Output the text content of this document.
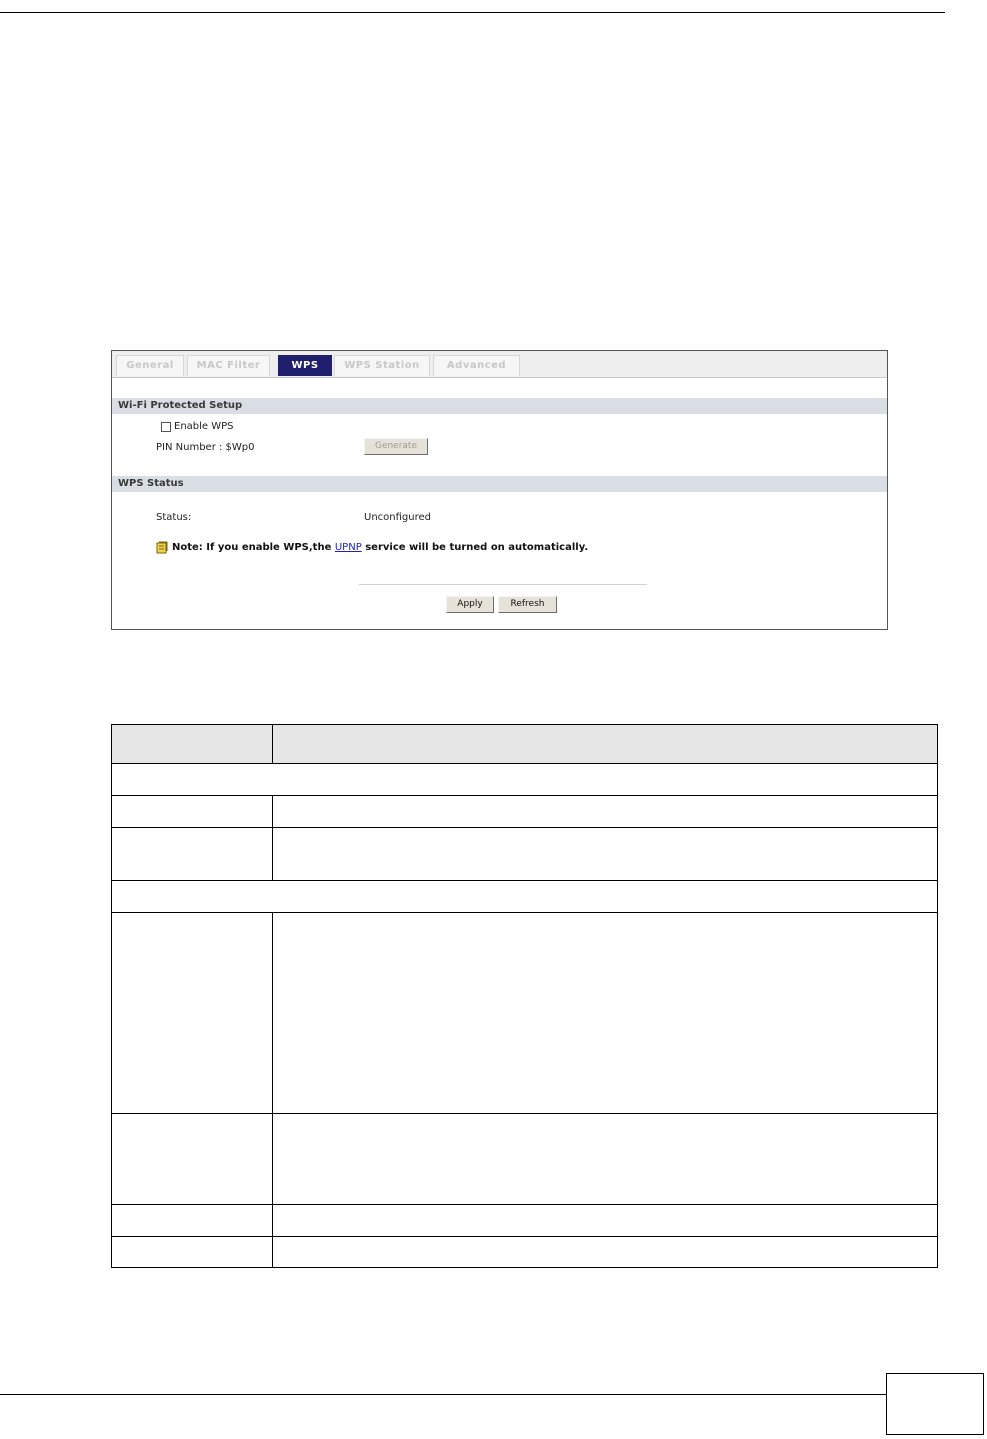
General	MAC Filter	WPS	WPS Station	Advanced
Wi-Fi Protected Setup
Enable WPS
PIN Number : $Wp0	Generate
WPS Status
Status:	Unconfigured
Note: If you enable WPS,the UPNP service will be turned on automatically.
Apply	Refresh
